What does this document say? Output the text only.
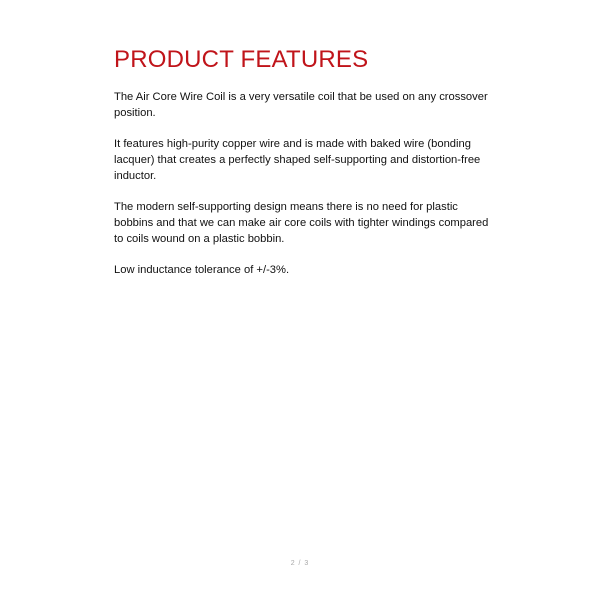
PRODUCT FEATURES

The Air Core Wire Coil is a very versatile coil that be used on any crossover position.

It features high-purity copper wire and is made with baked wire (bonding lacquer) that creates a perfectly shaped self-supporting and distortion-free inductor.

The modern self-supporting design means there is no need for plastic bobbins and that we can make air core coils with tighter windings compared to coils wound on a plastic bobbin.

Low inductance tolerance of +/-3%.

2 / 3
